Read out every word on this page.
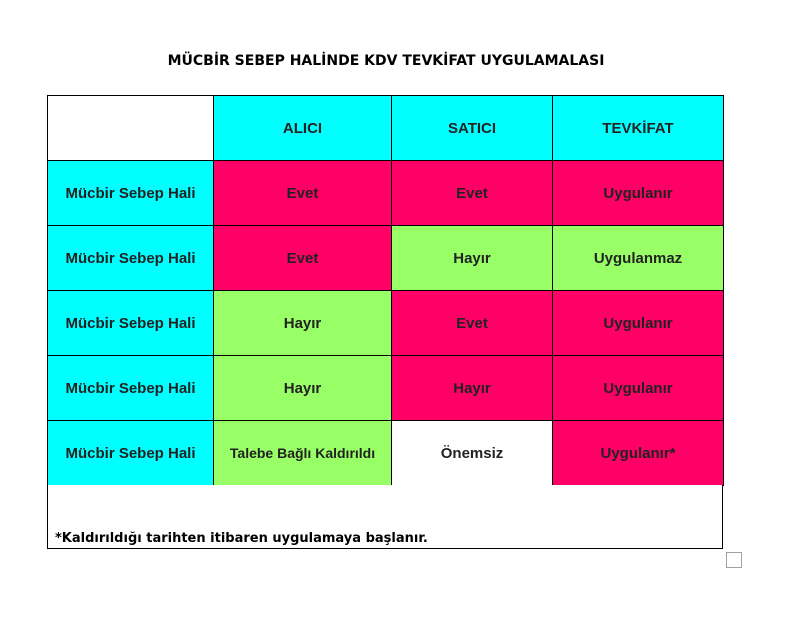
MÜCBİR SEBEP HALİNDE KDV TEVKİFAT UYGULAMALASI
	ALICI	SATICI	TEVKİFAT
Mücbir Sebep Hali	Evet	Evet	Uygulanır
Mücbir Sebep Hali	Evet	Hayır	Uygulanmaz
Mücbir Sebep Hali	Hayır	Evet	Uygulanır
Mücbir Sebep Hali	Hayır	Hayır	Uygulanır
Mücbir Sebep Hali	Talebe Bağlı Kaldırıldı	Önemsiz	Uygulanır*
*Kaldırıldığı tarihten itibaren uygulamaya başlanır.
